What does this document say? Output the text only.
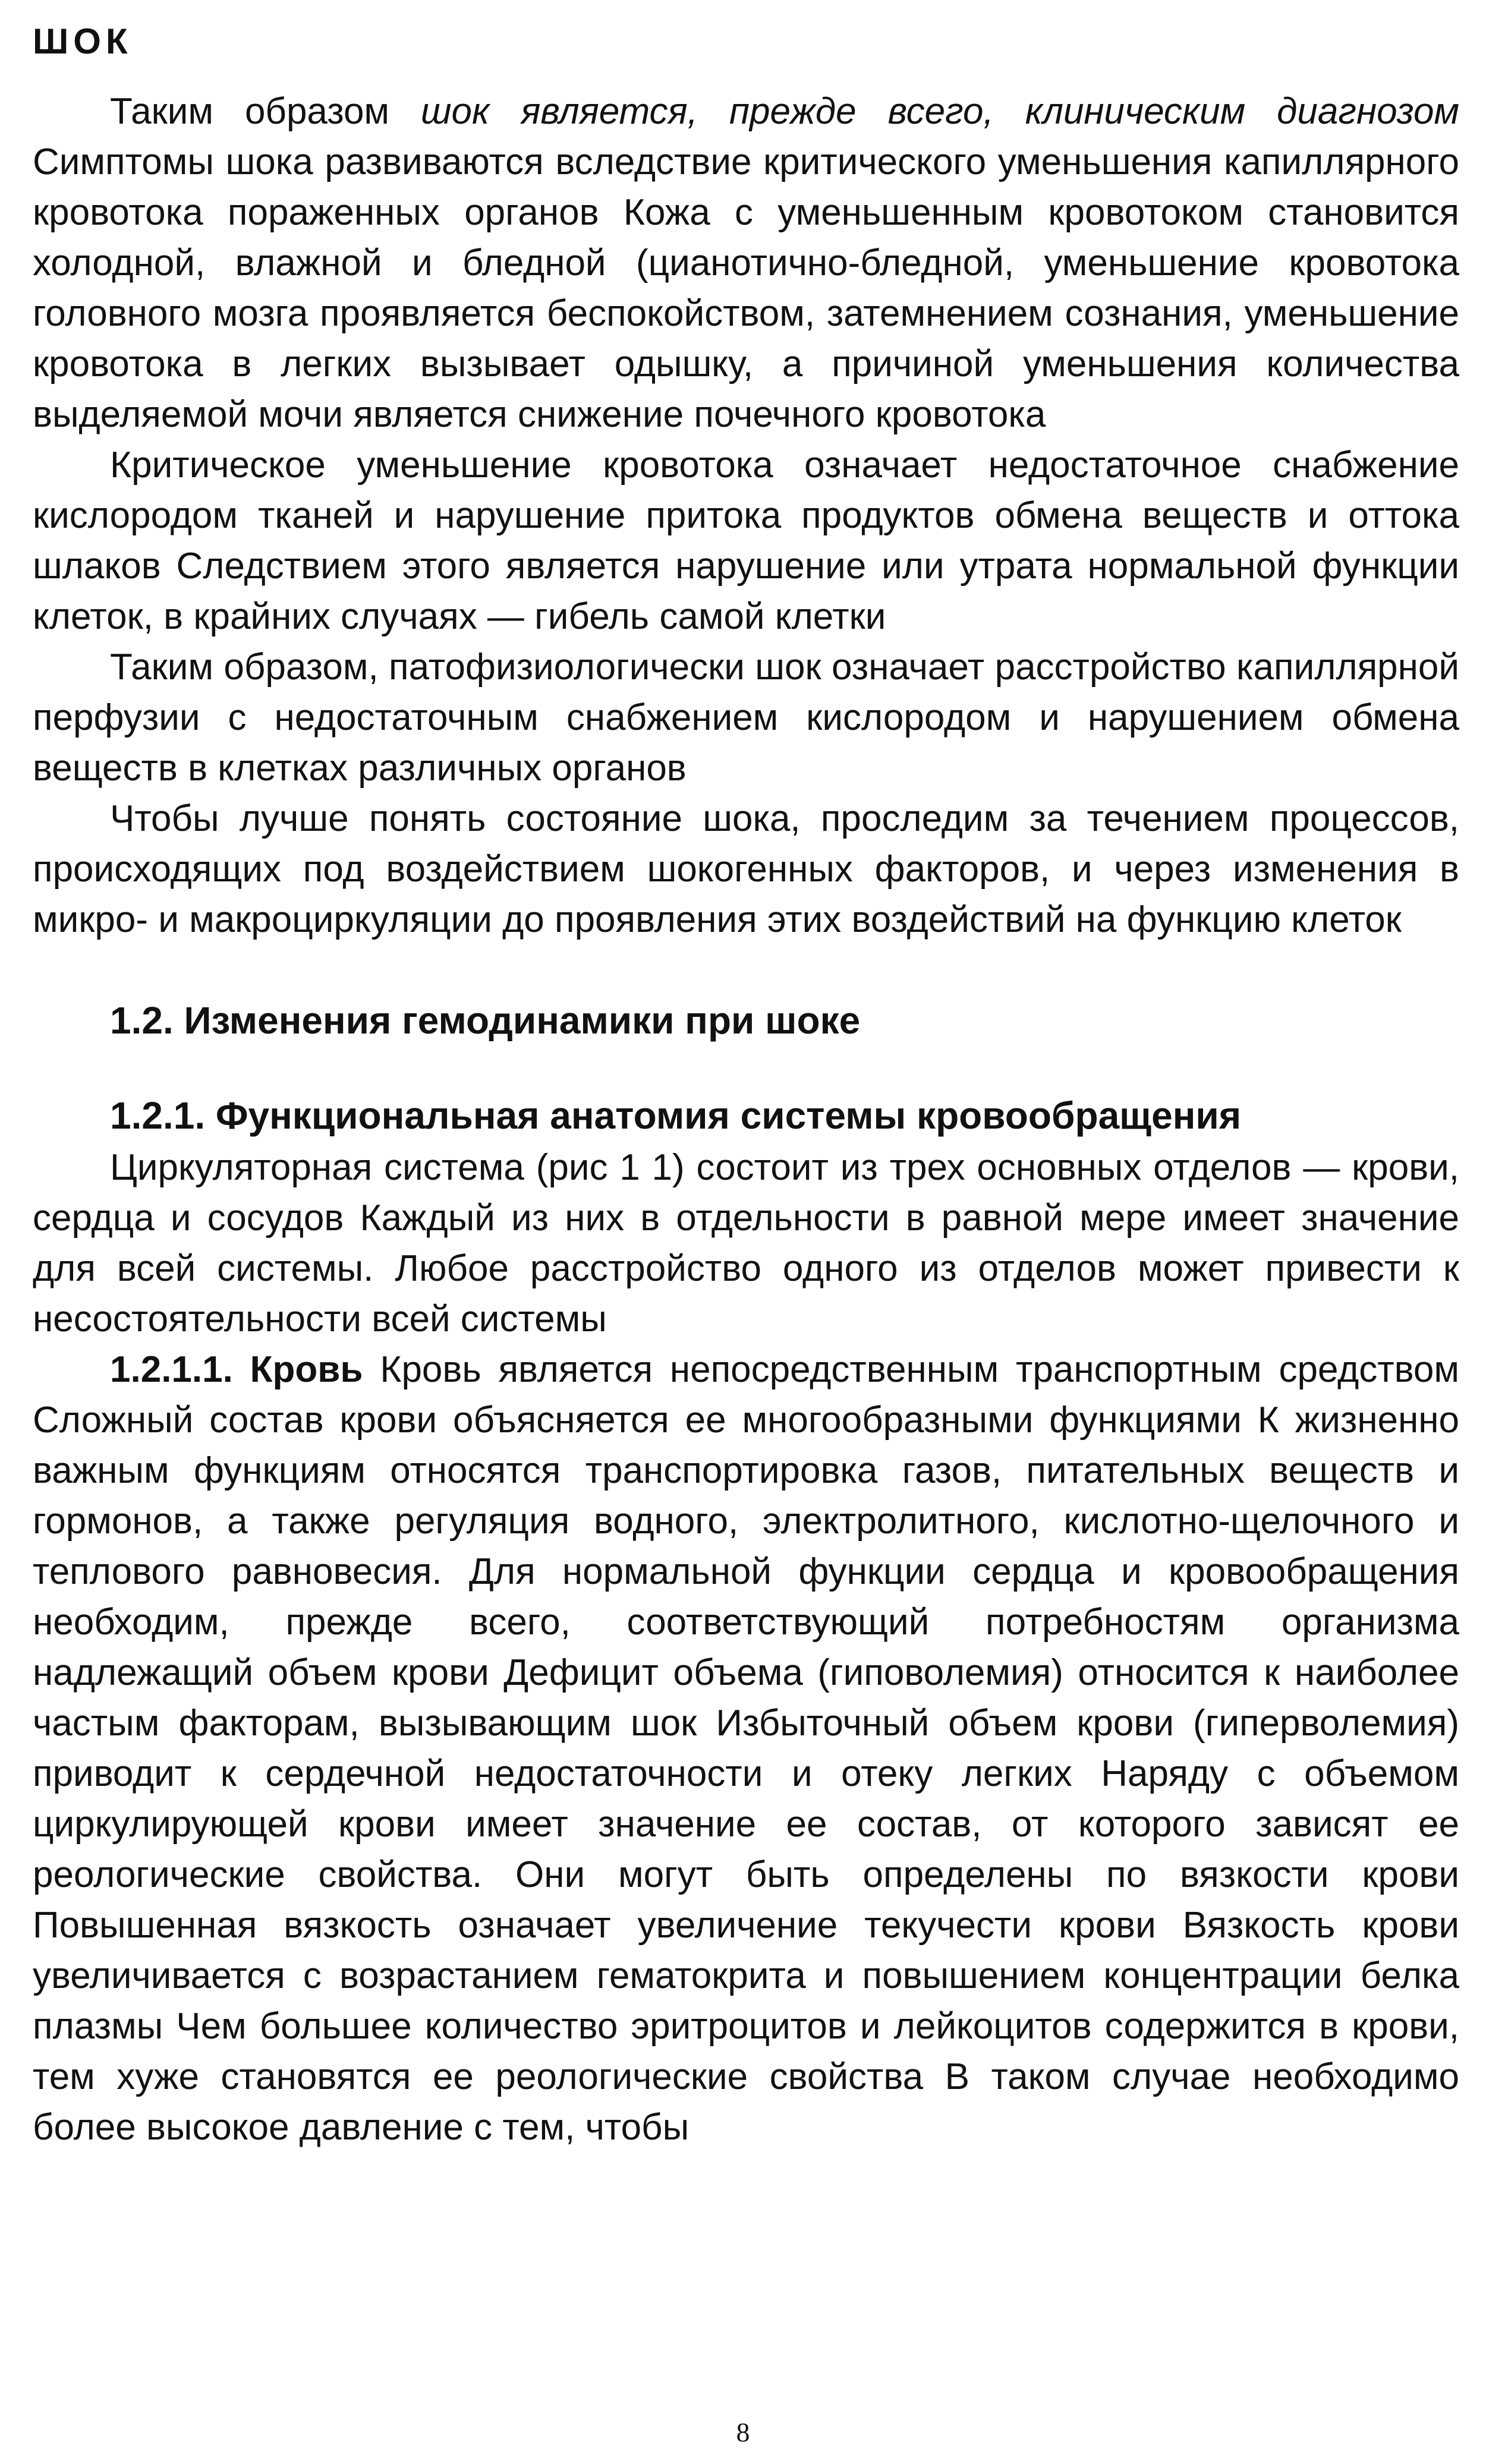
ШОК

Таким образом шок является, прежде всего, клиническим диагнозом Симптомы шока развиваются вследствие критического уменьшения капиллярного кровотока пораженных органов Кожа с уменьшенным кровотоком становится холодной, влажной и бледной (цианотично-бледной, уменьшение кровотока головного мозга проявляется беспокойством, затемнением сознания, уменьшение кровотока в легких вызывает одышку, а причиной уменьшения количества выделяемой мочи является снижение почечного кровотока

Критическое уменьшение кровотока означает недостаточное снабжение кислородом тканей и нарушение притока продуктов обмена веществ и оттока шлаков Следствием этого является нарушение или утрата нормальной функции клеток, в крайних случаях — гибель самой клетки

Таким образом, патофизиологически шок означает расстройство капиллярной перфузии с недостаточным снабжением кислородом и нарушением обмена веществ в клетках различных органов

Чтобы лучше понять состояние шока, проследим за течением процессов, происходящих под воздействием шокогенных факторов, и через изменения в микро- и макроциркуляции до проявления этих воздействий на функцию клеток

1.2. Изменения гемодинамики при шоке
1.2.1. Функциональная анатомия системы кровообращения

Циркуляторная система (рис 1 1) состоит из трех основных отделов — крови, сердца и сосудов Каждый из них в отдельности в равной мере имеет значение для всей системы. Любое расстройство одного из отделов может привести к несостоятельности всей системы

1.2.1.1. Кровь Кровь является непосредственным транспортным средством Сложный состав крови объясняется ее многообразными функциями К жизненно важным функциям относятся транспортировка газов, питательных веществ и гормонов, а также регуляция водного, электролитного, кислотно-щелочного и теплового равновесия. Для нормальной функции сердца и кровообращения необходим, прежде всего, соответствующий потребностям организма надлежащий объем крови Дефицит объема (гиповолемия) относится к наиболее частым факторам, вызывающим шок Избыточный объем крови (гиперволемия) приводит к сердечной недостаточности и отеку легких Наряду с объемом циркулирующей крови имеет значение ее состав, от которого зависят ее реологические свойства. Они могут быть определены по вязкости крови Повышенная вязкость означает увеличение текучести крови Вязкость крови увеличивается с возрастанием гематокрита и повышением концентрации белка плазмы Чем большее количество эритроцитов и лейкоцитов содержится в крови, тем хуже становятся ее реологические свойства В таком случае необходимо более высокое давление с тем, чтобы

8
